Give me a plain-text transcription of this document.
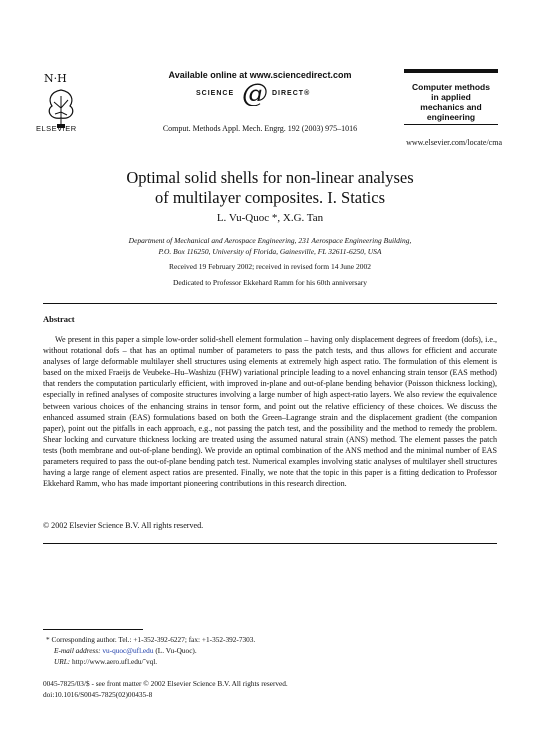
N·H
ELSEVIER
Available online at www.sciencedirect.com
SCIENCE @ DIRECT®
Comput. Methods Appl. Mech. Engrg. 192 (2003) 975–1016
Computer methods
in applied
mechanics and
engineering
www.elsevier.com/locate/cma
Optimal solid shells for non-linear analyses
of multilayer composites. I. Statics
L. Vu-Quoc *, X.G. Tan
Department of Mechanical and Aerospace Engineering, 231 Aerospace Engineering Building,
P.O. Box 116250, University of Florida, Gainesville, FL 32611-6250, USA
Received 19 February 2002; received in revised form 14 June 2002
Dedicated to Professor Ekkehard Ramm for his 60th anniversary
Abstract
We present in this paper a simple low-order solid-shell element formulation – having only displacement degrees of freedom (dofs), i.e., without rotational dofs – that has an optimal number of parameters to pass the patch tests, and thus allows for efficient and accurate analyses of large deformable multilayer shell structures using elements at extremely high aspect ratio. The formulation of this element is based on the mixed Fraeijs de Veubeke–Hu–Washizu (FHW) variational principle leading to a novel enhancing strain tensor (EAS method) that renders the computation particularly efficient, with improved in-plane and out-of-plane bending behavior (Poisson thickness locking), especially in refined analyses of composite structures involving a large number of high aspect-ratio layers. We also review the equivalence between various choices of the enhancing strains in tensor form, and point out the relative efficiency of these choices. We discuss the enhanced assumed strain (EAS) formulations based on both the Green–Lagrange strain and the displacement gradient (the companion paper), point out the pitfalls in each approach, e.g., not passing the patch test, and the possibility and the method to remedy the problem. Shear locking and curvature thickness locking are treated using the assumed natural strain (ANS) method. The element passes the patch tests (both membrane and out-of-plane bending). We provide an optimal combination of the ANS method and the minimal number of EAS parameters required to pass the out-of-plane bending patch test. Numerical examples involving static analyses of multilayer shell structures having a large range of element aspect ratios are presented. Finally, we note that the topic in this paper is a fitting dedication to Professor Ekkehard Ramm, who has made important pioneering contributions in this research direction.
© 2002 Elsevier Science B.V. All rights reserved.
* Corresponding author. Tel.: +1-352-392-6227; fax: +1-352-392-7303.
E-mail address: vu-quoc@ufl.edu (L. Vu-Quoc).
URL: http://www.aero.ufl.edu/˜vql.
0045-7825/03/$ - see front matter © 2002 Elsevier Science B.V. All rights reserved.
doi:10.1016/S0045-7825(02)00435-8
